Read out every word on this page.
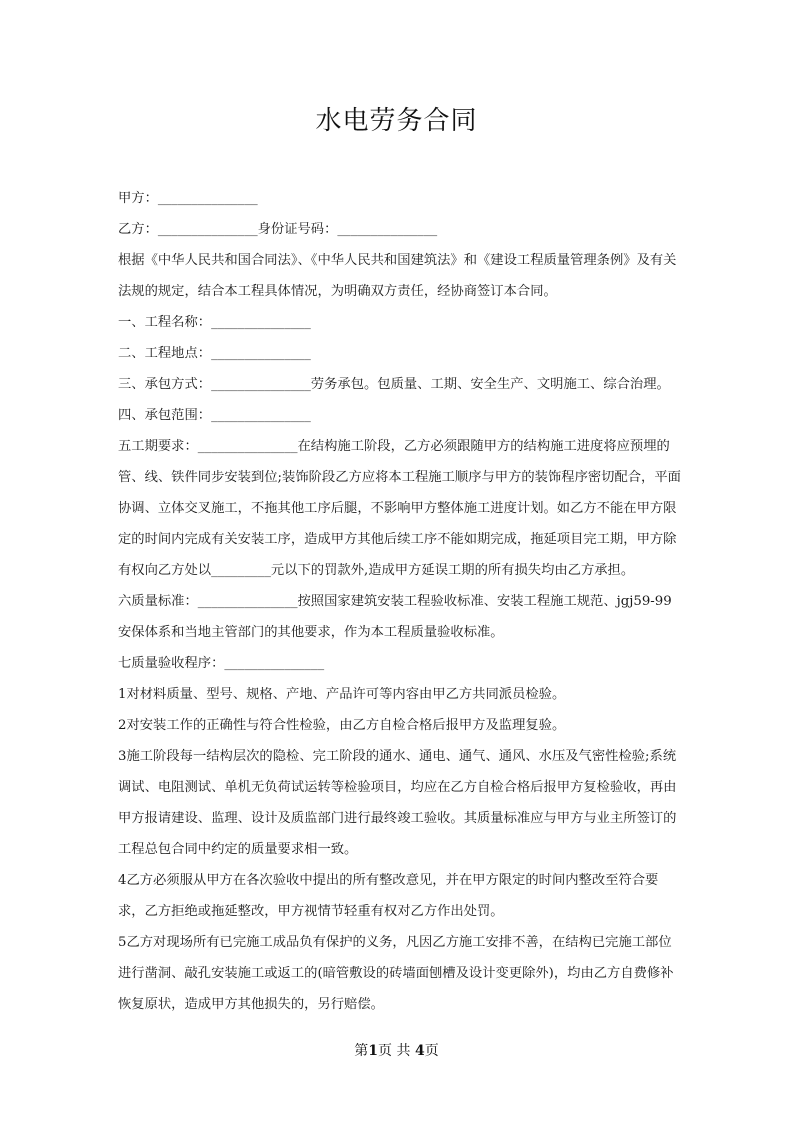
水电劳务合同

甲方：_______________

乙方：_______________身份证号码：_______________

根据《中华人民共和国合同法》、《中华人民共和国建筑法》和《建设工程质量管理条例》及有关法规的规定，结合本工程具体情况，为明确双方责任，经协商签订本合同。

一、工程名称：_______________

二、工程地点：_______________

三、承包方式：_______________劳务承包。包质量、工期、安全生产、文明施工、综合治理。

四、承包范围：_______________

五工期要求：_______________在结构施工阶段，乙方必须跟随甲方的结构施工进度将应预埋的管、线、铁件同步安装到位;装饰阶段乙方应将本工程施工顺序与甲方的装饰程序密切配合，平面协调、立体交叉施工，不拖其他工序后腿，不影响甲方整体施工进度计划。如乙方不能在甲方限定的时间内完成有关安装工序，造成甲方其他后续工序不能如期完成，拖延项目完工期，甲方除有权向乙方处以_________元以下的罚款外,造成甲方延误工期的所有损失均由乙方承担。

六质量标准：_______________按照国家建筑安装工程验收标准、安装工程施工规范、jgj59-99安保体系和当地主管部门的其他要求，作为本工程质量验收标准。

七质量验收程序：_______________

1对材料质量、型号、规格、产地、产品许可等内容由甲乙方共同派员检验。

2对安装工作的正确性与符合性检验，由乙方自检合格后报甲方及监理复验。

3施工阶段每一结构层次的隐检、完工阶段的通水、通电、通气、通风、水压及气密性检验;系统调试、电阻测试、单机无负荷试运转等检验项目，均应在乙方自检合格后报甲方复检验收，再由甲方报请建设、监理、设计及质监部门进行最终竣工验收。其质量标准应与甲方与业主所签订的工程总包合同中约定的质量要求相一致。

4乙方必须服从甲方在各次验收中提出的所有整改意见，并在甲方限定的时间内整改至符合要求，乙方拒绝或拖延整改，甲方视情节轻重有权对乙方作出处罚。

5乙方对现场所有已完施工成品负有保护的义务，凡因乙方施工安排不善，在结构已完施工部位进行凿洞、敲孔安装施工或返工的(暗管敷设的砖墙面刨槽及设计变更除外)，均由乙方自费修补恢复原状，造成甲方其他损失的，另行赔偿。

第1页 共 4页
